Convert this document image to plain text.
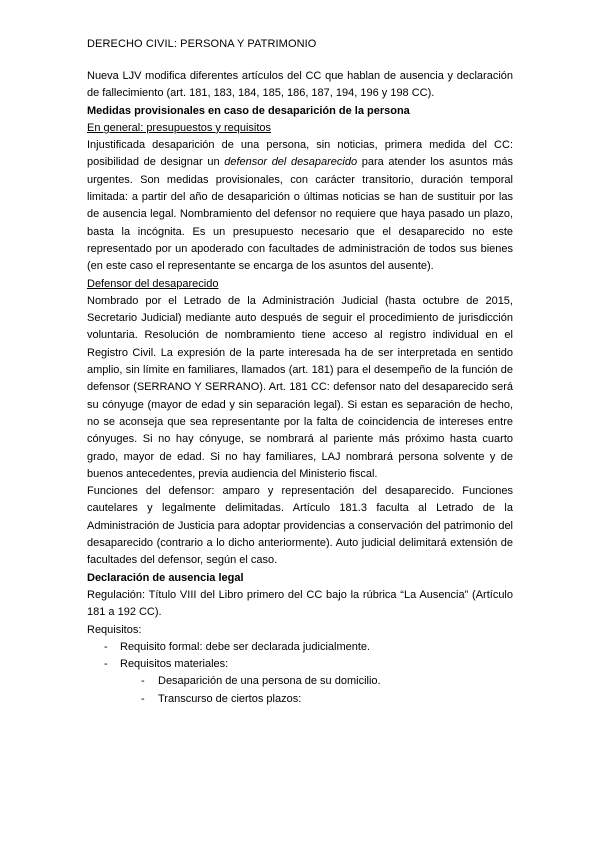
DERECHO CIVIL: PERSONA Y PATRIMONIO

Nueva LJV modifica diferentes artículos del CC que hablan de ausencia y declaración de fallecimiento (art. 181, 183, 184, 185, 186, 187, 194, 196 y 198 CC).

Medidas provisionales en caso de desaparición de la persona

En general: presupuestos y requisitos

Injustificada desaparición de una persona, sin noticias, primera medida del CC: posibilidad de designar un defensor del desaparecido para atender los asuntos más urgentes. Son medidas provisionales, con carácter transitorio, duración temporal limitada: a partir del año de desaparición o últimas noticias se han de sustituir por las de ausencia legal. Nombramiento del defensor no requiere que haya pasado un plazo, basta la incógnita. Es un presupuesto necesario que el desaparecido no este representado por un apoderado con facultades de administración de todos sus bienes (en este caso el representante se encarga de los asuntos del ausente).

Defensor del desaparecido

Nombrado por el Letrado de la Administración Judicial (hasta octubre de 2015, Secretario Judicial) mediante auto después de seguir el procedimiento de jurisdicción voluntaria. Resolución de nombramiento tiene acceso al registro individual en el Registro Civil. La expresión de la parte interesada ha de ser interpretada en sentido amplio, sin límite en familiares, llamados (art. 181) para el desempeño de la función de defensor (SERRANO Y SERRANO). Art. 181 CC: defensor nato del desaparecido será su cónyuge (mayor de edad y sin separación legal). Si estan es separación de hecho, no se aconseja que sea representante por la falta de coincidencia de intereses entre cónyuges. Si no hay cónyuge, se nombrará al pariente más próximo hasta cuarto grado, mayor de edad. Si no hay familiares, LAJ nombrará persona solvente y de buenos antecedentes, previa audiencia del Ministerio fiscal.

Funciones del defensor: amparo y representación del desaparecido. Funciones cautelares y legalmente delimitadas. Artículo 181.3 faculta al Letrado de la Administración de Justicia para adoptar providencias a conservación del patrimonio del desaparecido (contrario a lo dicho anteriormente). Auto judicial delimitará extensión de facultades del defensor, según el caso.

Declaración de ausencia legal

Regulación: Título VIII del Libro primero del CC bajo la rúbrica “La Ausencia” (Artículo 181 a 192 CC).

Requisitos:

- Requisito formal: debe ser declarada judicialmente.
- Requisitos materiales:
- Desaparición de una persona de su domicilio.
- Transcurso de ciertos plazos:
